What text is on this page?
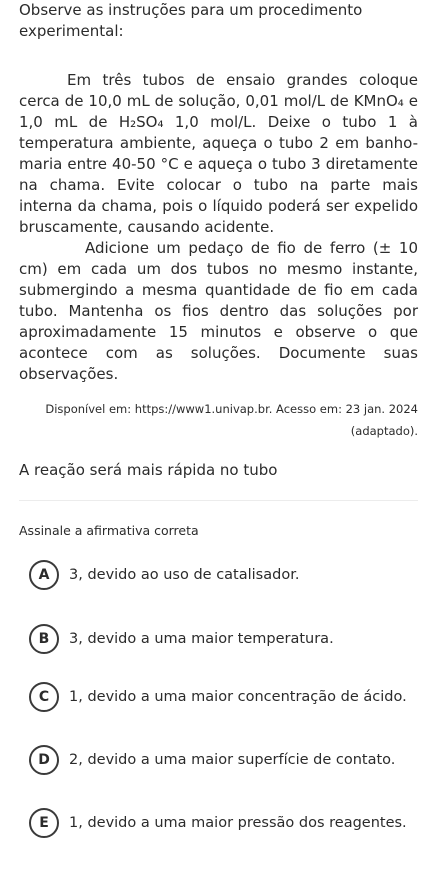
Observe as instruções para um procedimento experimental:

Em três tubos de ensaio grandes coloque cerca de 10,0 mL de solução, 0,01 mol/L de KMnO₄ e 1,0 mL de H₂SO₄ 1,0 mol/L. Deixe o tubo 1 à temperatura ambiente, aqueça o tubo 2 em banho-maria entre 40-50 °C e aqueça o tubo 3 diretamente na chama. Evite colocar o tubo na parte mais interna da chama, pois o líquido poderá ser expelido bruscamente, causando acidente.

Adicione um pedaço de fio de ferro (± 10 cm) em cada um dos tubos no mesmo instante, submergindo a mesma quantidade de fio em cada tubo. Mantenha os fios dentro das soluções por aproximadamente 15 minutos e observe o que acontece com as soluções. Documente suas observações.

Disponível em: https://www1.univap.br. Acesso em: 23 jan. 2024

(adaptado).

A reação será mais rápida no tubo

Assinale a afirmativa correta

A	3, devido ao uso de catalisador.
B	3, devido a uma maior temperatura.
C	1, devido a uma maior concentração de ácido.
D	2, devido a uma maior superfície de contato.
E	1, devido a uma maior pressão dos reagentes.
